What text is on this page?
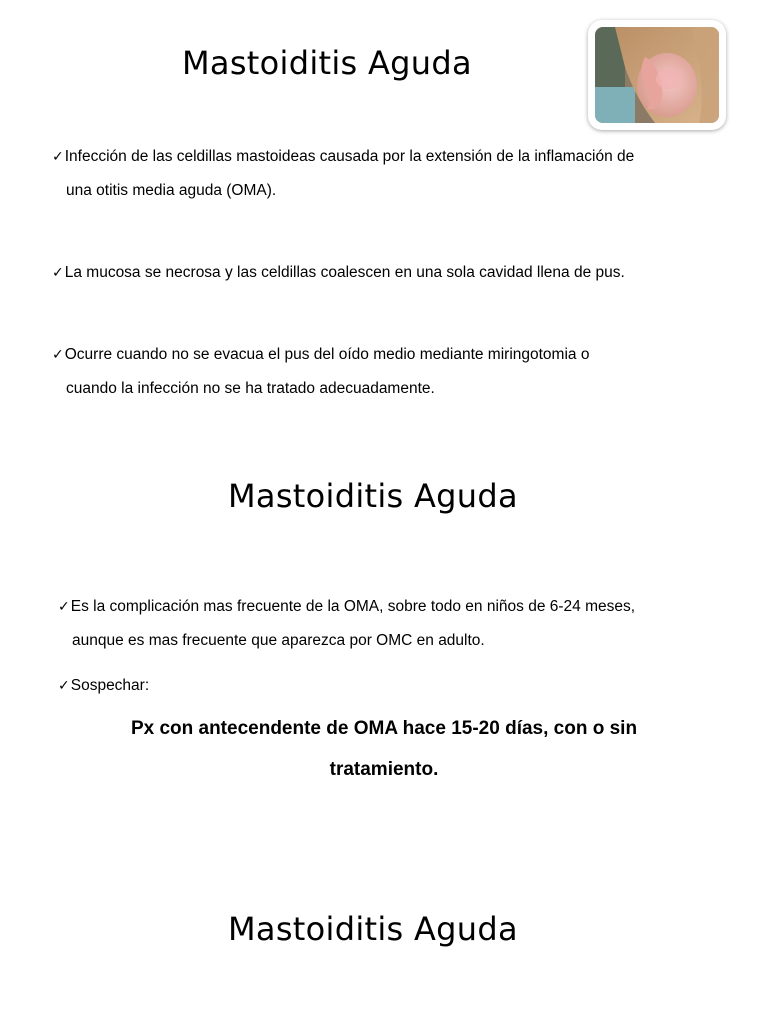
Mastoiditis Aguda
✓Infección de las celdillas mastoideas causada por la extensión de la inflamación de
una otitis media aguda (OMA).
✓La mucosa se necrosa y las celdillas coalescen en una sola cavidad llena de pus.
✓Ocurre cuando no se evacua el pus del oído medio mediante miringotomia o
cuando la infección no se ha tratado adecuadamente.
Mastoiditis Aguda
✓Es la complicación mas frecuente de la OMA, sobre todo en niños de 6-24 meses,
aunque es mas frecuente que aparezca por OMC en adulto.
✓Sospechar:

Px con antecendente de OMA hace 15-20 días, con o sin

tratamiento.

Mastoiditis Aguda
